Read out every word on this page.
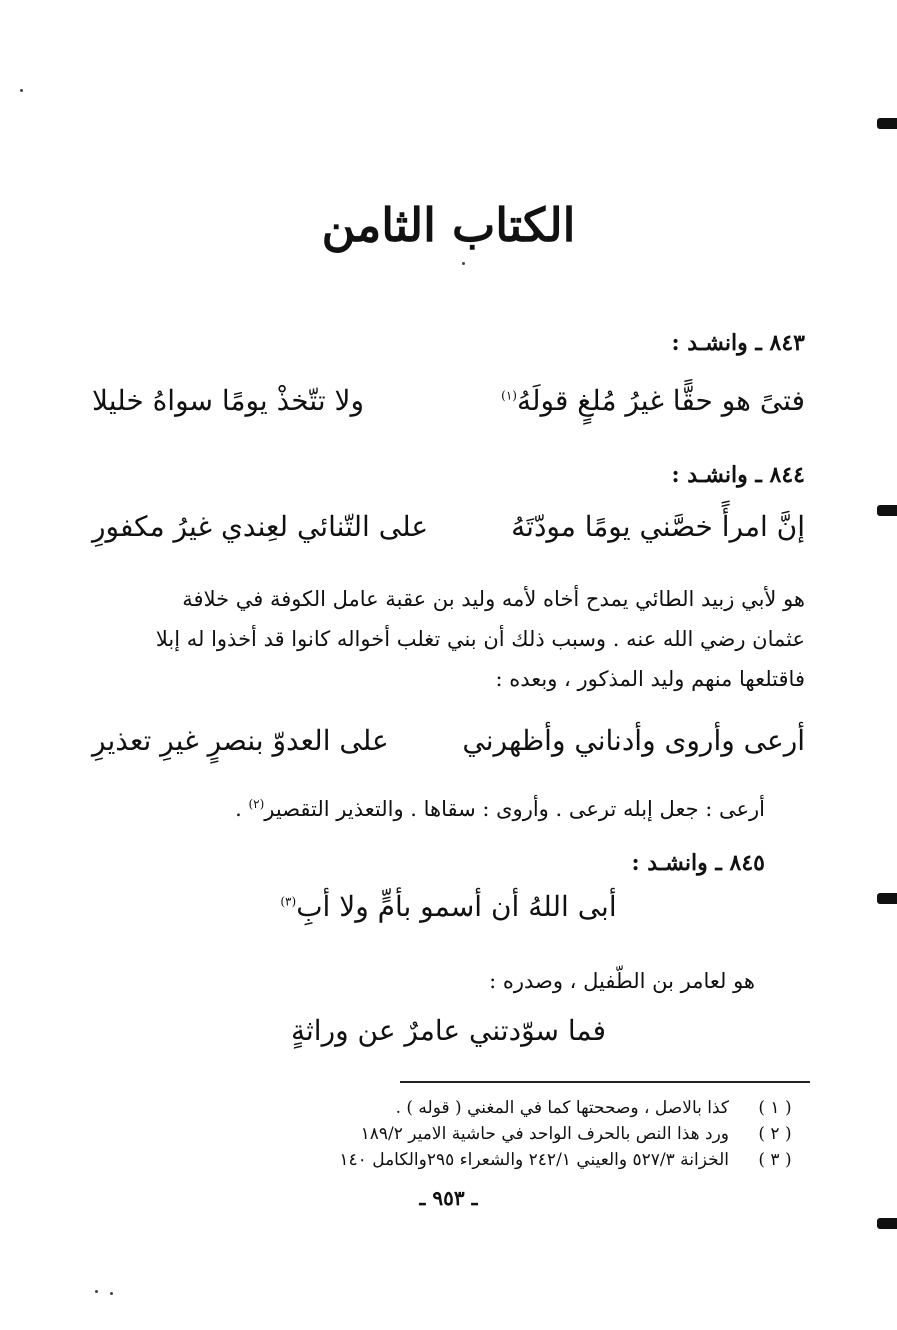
الكتاب الثامن
٨٤٣ ـ وانشـد :
فتىً هو حقًّا غيرُ مُلغٍ قولَهُ$^{(١)}$
ولا تتّخذْ يومًا سواهُ خليلا
٨٤٤ ـ وانشـد :
إنَّ امرأً خصَّني يومًا مودّتَهُ
على التّنائي لعِندي غيرُ مكفورِ
هو لأبي زبيد الطائي يمدح أخاه لأمه وليد بن عقبة عامل الكوفة في خلافة
عثمان رضي الله عنه . وسبب ذلك أن بني تغلب أخواله كانوا قد أخذوا له إبلا
فاقتلعها منهم وليد المذكور ، وبعده :
أرعى وأروى وأدناني وأظهرني
على العدوّ بنصرٍ غيرِ تعذيرِ
أرعى : جعل إبله ترعى . وأروى : سقاها . والتعذير التقصير$^{(٢)}$ .
٨٤٥ ـ وانشـد :
أبى اللهُ أن أسمو بأمٍّ ولا أبِ$^{(٣)}$
هو لعامر بن الطّفيل ، وصدره :
فما سوّدتني عامرٌ عن وراثةٍ
( ١ )
كذا بالاصل ، وصححتها كما في المغني ( قوله ) .
( ٢ )
ورد هذا النص بالحرف الواحد في حاشية الامير ١٨٩/٢
( ٣ )
الخزانة ٥٢٧/٣ والعيني ٢٤٢/١ والشعراء ٢٩٥والكامل ١٤٠
ـ ٩٥٣ ـ
